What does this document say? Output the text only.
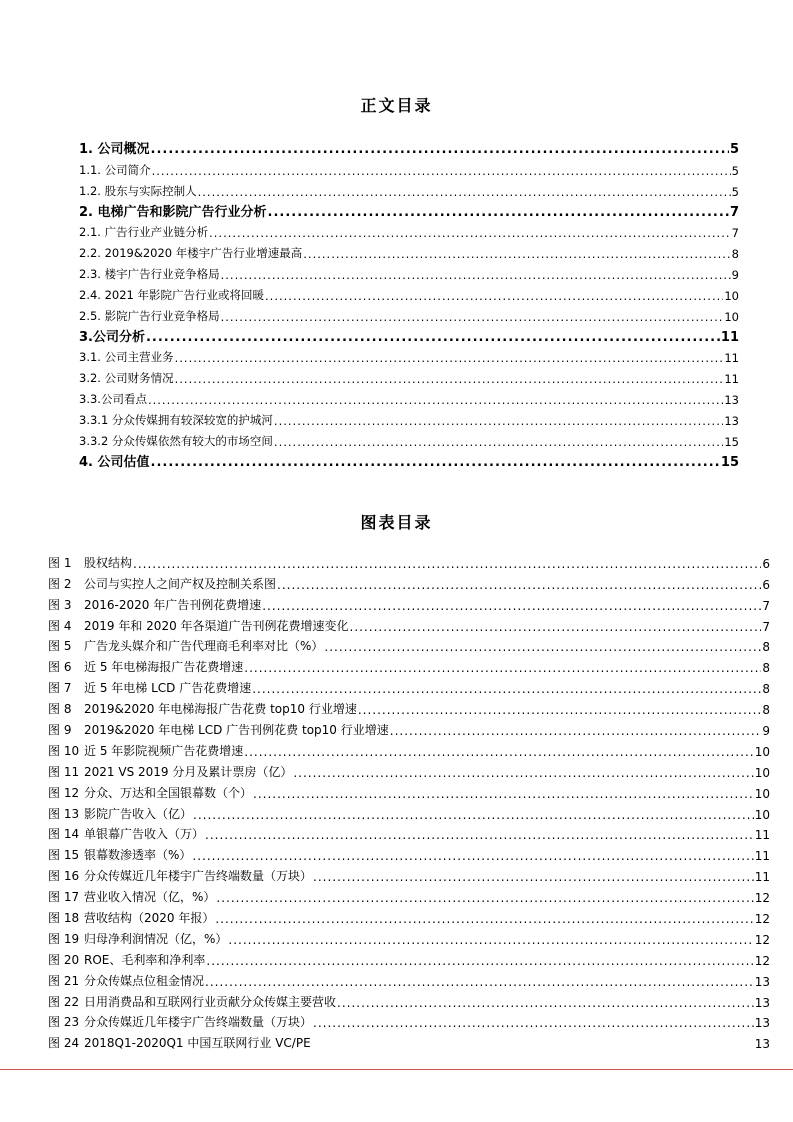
正文目录
1. 公司概况 .....	5
1.1. 公司简介 .....	5
1.2. 股东与实际控制人 .....	5
2. 电梯广告和影院广告行业分析 .....	7
2.1. 广告行业产业链分析 .....	7
2.2. 2019&2020 年楼宇广告行业增速最高 .....	8
2.3. 楼宇广告行业竞争格局 .....	9
2.4. 2021 年影院广告行业或将回暖 .....	10
2.5. 影院广告行业竞争格局 .....	10
3.公司分析 .....	11
3.1. 公司主营业务 .....	11
3.2. 公司财务情况 .....	11
3.3.公司看点 .....	13
3.3.1 分众传媒拥有较深较宽的护城河 .....	13
3.3.2 分众传媒依然有较大的市场空间 .....	15
4. 公司估值 .....	15
图表目录
图 1	股权结构 .....	6
图 2	公司与实控人之间产权及控制关系图 .....	6
图 3	2016-2020 年广告刊例花费增速 .....	7
图 4	2019 年和 2020 年各渠道广告刊例花费增速变化 .....	7
图 5	广告龙头媒介和广告代理商毛利率对比（%） .....	8
图 6	近 5 年电梯海报广告花费增速 .....	8
图 7	近 5 年电梯 LCD 广告花费增速 .....	8
图 8	2019&2020 年电梯海报广告花费 top10 行业增速 .....	8
图 9	2019&2020 年电梯 LCD 广告刊例花费 top10 行业增速 .....	9
图 10 近 5 年影院视频广告花费增速 .....	10
图 11 2021 VS 2019 分月及累计票房（亿） .....	10
图 12 分众、万达和全国银幕数（个） .....	10
图 13 影院广告收入（亿） .....	10
图 14 单银幕广告收入（万） .....	11
图 15 银幕数渗透率（%） .....	11
图 16 分众传媒近几年楼宇广告终端数量（万块） .....	11
图 17 营业收入情况（亿，%） .....	12
图 18 营收结构（2020 年报） .....	12
图 19 归母净利润情况（亿，%） .....	12
图 20 ROE、毛利率和净利率 .....	12
图 21 分众传媒点位租金情况 .....	13
图 22 日用消费品和互联网行业贡献分众传媒主要营收 .....	13
图 23 分众传媒近几年楼宇广告终端数量（万块） .....	13
图 24 2018Q1-2020Q1 中国互联网行业 VC/PE	13
